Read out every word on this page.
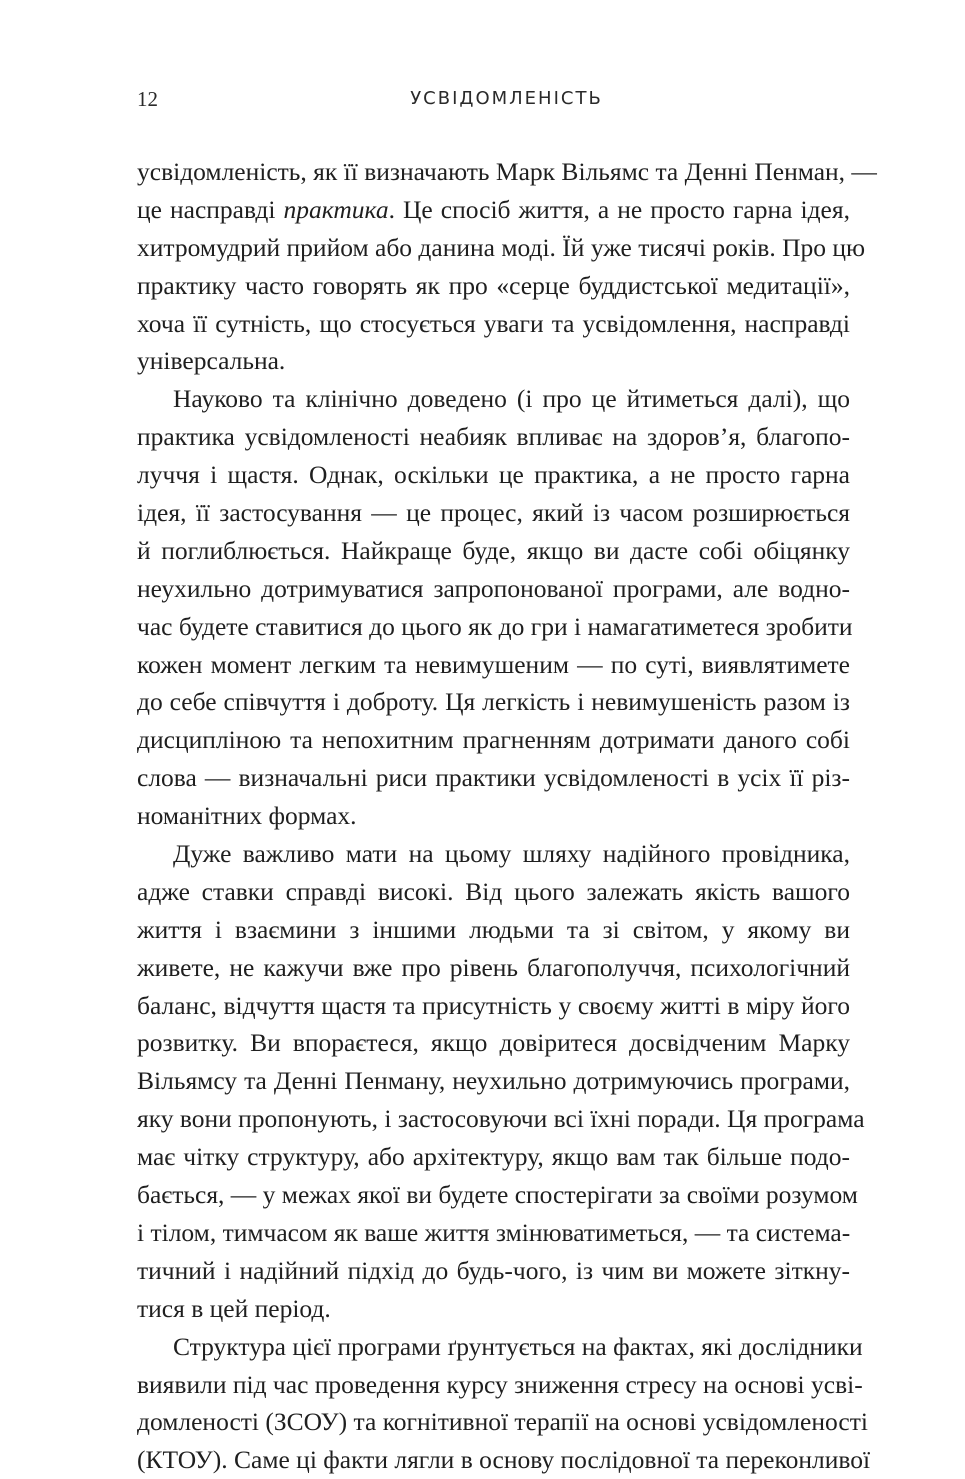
12	УСВІДОМЛЕНІСТЬ
усвідомленість, як її визначають Марк Вільямс та Денні Пенман, —
це насправді практика. Це спосіб життя, а не просто гарна ідея,
хитромудрий прийом або данина моді. Їй уже тисячі років. Про цю
практику часто говорять як про «серце буддистської медитації»,
хоча її сутність, що стосується уваги та усвідомлення, насправді
універсальна.
Науково та клінічно доведено (і про це йтиметься далі), що
практика усвідомленості неабияк впливає на здоров’я, благопо-
луччя і щастя. Однак, оскільки це практика, а не просто гарна
ідея, її застосування — це процес, який із часом розширюється
й поглиблюється. Найкраще буде, якщо ви дасте собі обіцянку
неухильно дотримуватися запропонованої програми, але водно-
час будете ставитися до цього як до гри і намагатиметеся зробити
кожен момент легким та невимушеним — по суті, виявлятимете
до себе співчуття і доброту. Ця легкість і невимушеність разом із
дисципліною та непохитним прагненням дотримати даного собі
слова — визначальні риси практики усвідомленості в усіх її різ-
номанітних формах.
Дуже важливо мати на цьому шляху надійного провідника,
адже ставки справді високі. Від цього залежать якість вашого
життя і взаємини з іншими людьми та зі світом, у якому ви
живете, не кажучи вже про рівень благополуччя, психологічний
баланс, відчуття щастя та присутність у своєму житті в міру його
розвитку. Ви впораєтеся, якщо довіритеся досвідченим Марку
Вільямсу та Денні Пенману, неухильно дотримуючись програми,
яку вони пропонують, і застосовуючи всі їхні поради. Ця програма
має чітку структуру, або архітектуру, якщо вам так більше подо-
бається, — у межах якої ви будете спостерігати за своїми розумом
і тілом, тимчасом як ваше життя змінюватиметься, — та система-
тичний і надійний підхід до будь-чого, із чим ви можете зіткну-
тися в цей період.
Структура цієї програми ґрунтується на фактах, які дослідники
виявили під час проведення курсу зниження стресу на основі усві-
домленості (ЗСОУ) та когнітивної терапії на основі усвідомленості
(КТОУ). Саме ці факти лягли в основу послідовної та переконливої
